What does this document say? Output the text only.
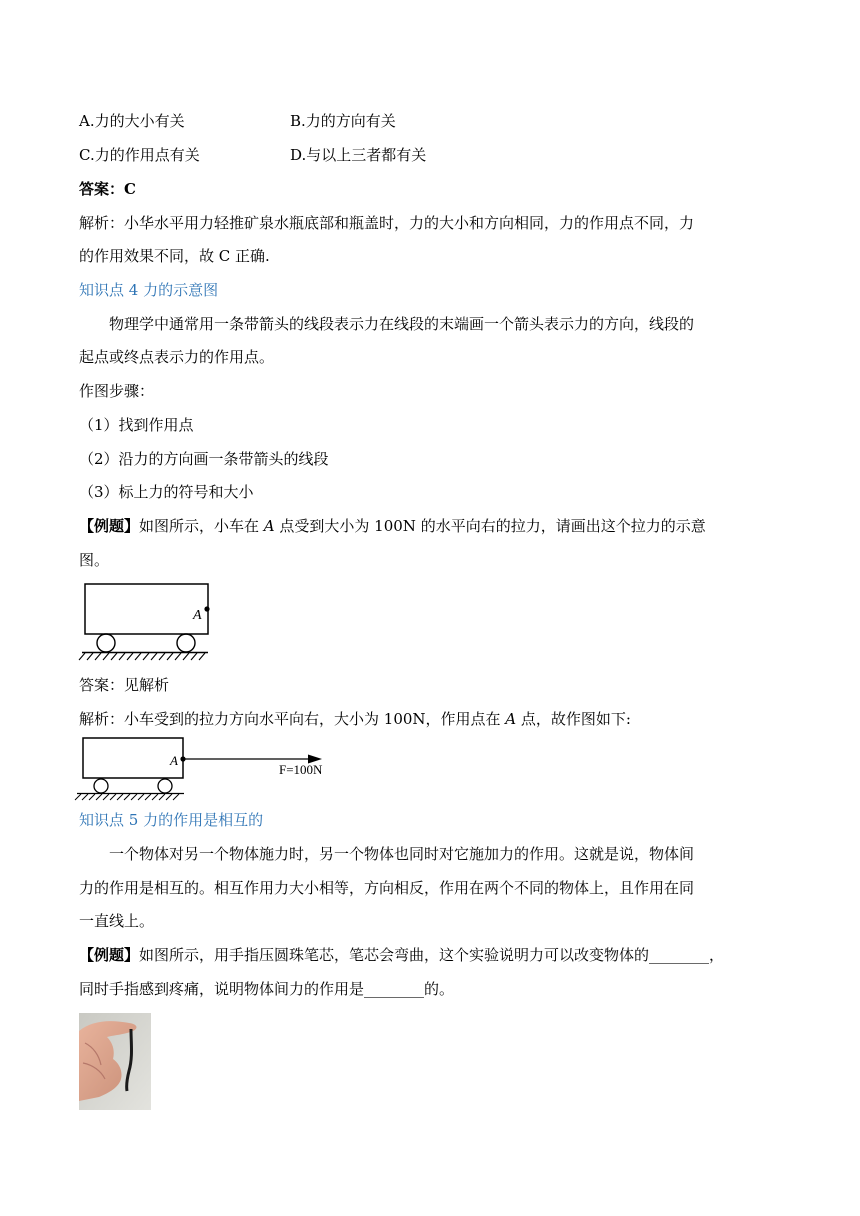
A.力的大小有关	B.力的方向有关
C.力的作用点有关	D.与以上三者都有关
答案：C
解析：小华水平用力轻推矿泉水瓶底部和瓶盖时，力的大小和方向相同，力的作用点不同，力
的作用效果不同，故 C 正确.
知识点 4 力的示意图
物理学中通常用一条带箭头的线段表示力在线段的末端画一个箭头表示力的方向，线段的
起点或终点表示力的作用点。
作图步骤：
（1）找到作用点
（2）沿力的方向画一条带箭头的线段
（3）标上力的符号和大小
【例题】如图所示，小车在 A 点受到大小为 100N 的水平向右的拉力，请画出这个拉力的示意
图。
A
答案：见解析
解析：小车受到的拉力方向水平向右，大小为 100N，作用点在 A 点，故作图如下:
A
F=100N
知识点 5 力的作用是相互的
一个物体对另一个物体施力时，另一个物体也同时对它施加力的作用。这就是说，物体间
力的作用是相互的。相互作用力大小相等，方向相反，作用在两个不同的物体上，且作用在同
一直线上。
【例题】如图所示，用手指压圆珠笔芯，笔芯会弯曲，这个实验说明力可以改变物体的________，
同时手指感到疼痛，说明物体间力的作用是________的。
